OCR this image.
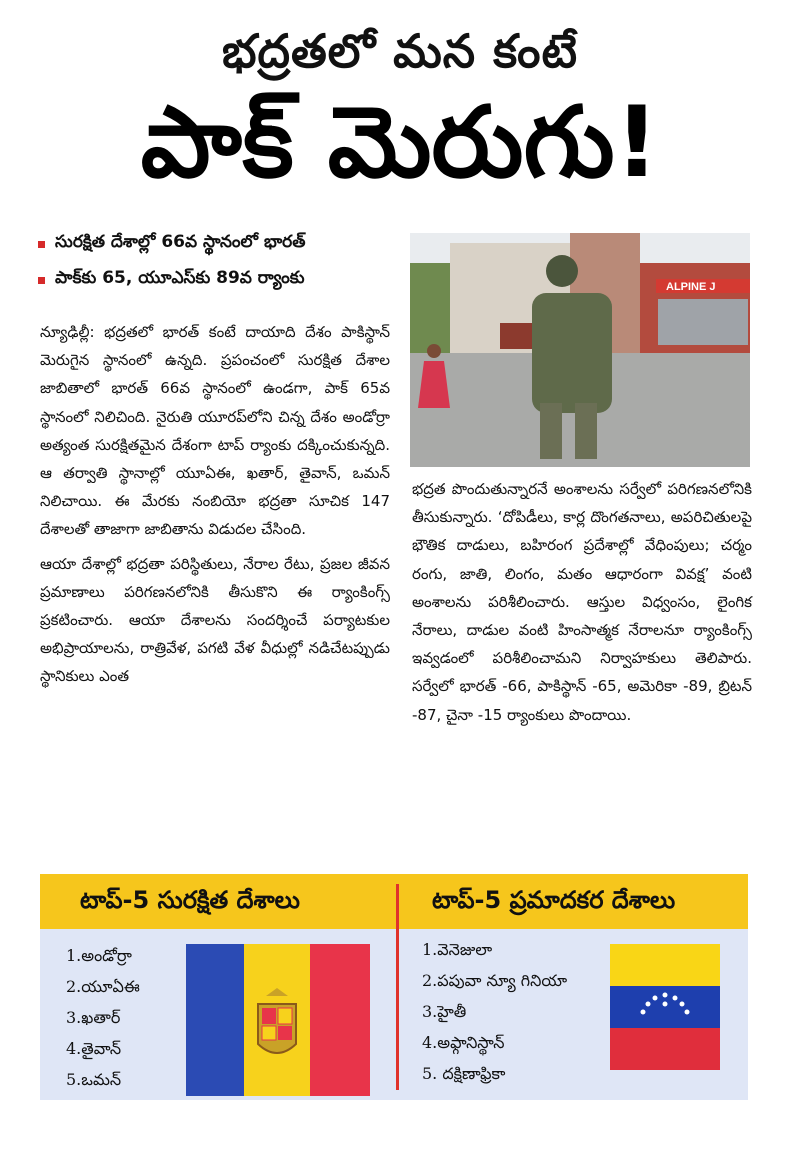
భద్రతలో మన కంటే
పాక్ మెరుగు!
సురక్షిత దేశాల్లో 66వ స్థానంలో భారత్
పాక్‌కు 65, యూఎస్‌కు 89వ ర్యాంకు

న్యూఢిల్లీ: భద్రతలో భారత్ కంటే దాయాది దేశం పాకిస్థాన్ మెరుగైన స్థానంలో ఉన్నది. ప్రపంచంలో సురక్షిత దేశాల జాబితాలో భారత్ 66వ స్థానంలో ఉండగా, పాక్ 65వ స్థానంలో నిలిచింది. నైరుతి యూరప్‌లోని చిన్న దేశం అండోర్రా అత్యంత సురక్షితమైన దేశంగా టాప్ ర్యాంకు దక్కించుకున్నది. ఆ తర్వాతి స్థానాల్లో యూఏఈ, ఖతార్, తైవాన్, ఒమన్ నిలిచాయి. ఈ మేరకు నంబియో భద్రతా సూచిక 147 దేశాలతో తాజాగా జాబితాను విడుదల చేసింది.

ఆయా దేశాల్లో భద్రతా పరిస్థితులు, నేరాల రేటు, ప్రజల జీవన ప్రమాణాలు పరిగణనలోనికి తీసుకొని ఈ ర్యాంకింగ్స్ ప్రకటించారు. ఆయా దేశాలను సందర్శించే పర్యాటకుల అభిప్రాయాలను, రాత్రివేళ, పగటి వేళ వీధుల్లో నడిచేటప్పుడు స్థానికులు ఎంత

ALPINE J

భద్రత పొందుతున్నారనే అంశాలను సర్వేలో పరిగణనలోనికి తీసుకున్నారు. ‘దోపిడీలు, కార్ల దొంగతనాలు, అపరిచితులపై భౌతిక దాడులు, బహిరంగ ప్రదేశాల్లో వేధింపులు; చర్మం రంగు, జాతి, లింగం, మతం ఆధారంగా వివక్ష’ వంటి అంశాలను పరిశీలించారు. ఆస్తుల విధ్వంసం, లైంగిక నేరాలు, దాడుల వంటి హింసాత్మక నేరాలనూ ర్యాంకింగ్స్ ఇవ్వడంలో పరిశీలించామని నిర్వాహకులు తెలిపారు. సర్వేలో భారత్ -66, పాకిస్థాన్ -65, అమెరికా -89, బ్రిటన్ -87, చైనా -15 ర్యాంకులు పొందాయి.

టాప్-5 సురక్షిత దేశాలు	టాప్-5 ప్రమాదకర దేశాలు
1.అండోర్రా
2.యూఏఈ
3.ఖతార్
4.తైవాన్
5.ఒమన్
1.వెనెజులా
2.పపువా న్యూ గినియా
3.హైతీ
4.అఫ్గానిస్థాన్
5. దక్షిణాఫ్రికా
